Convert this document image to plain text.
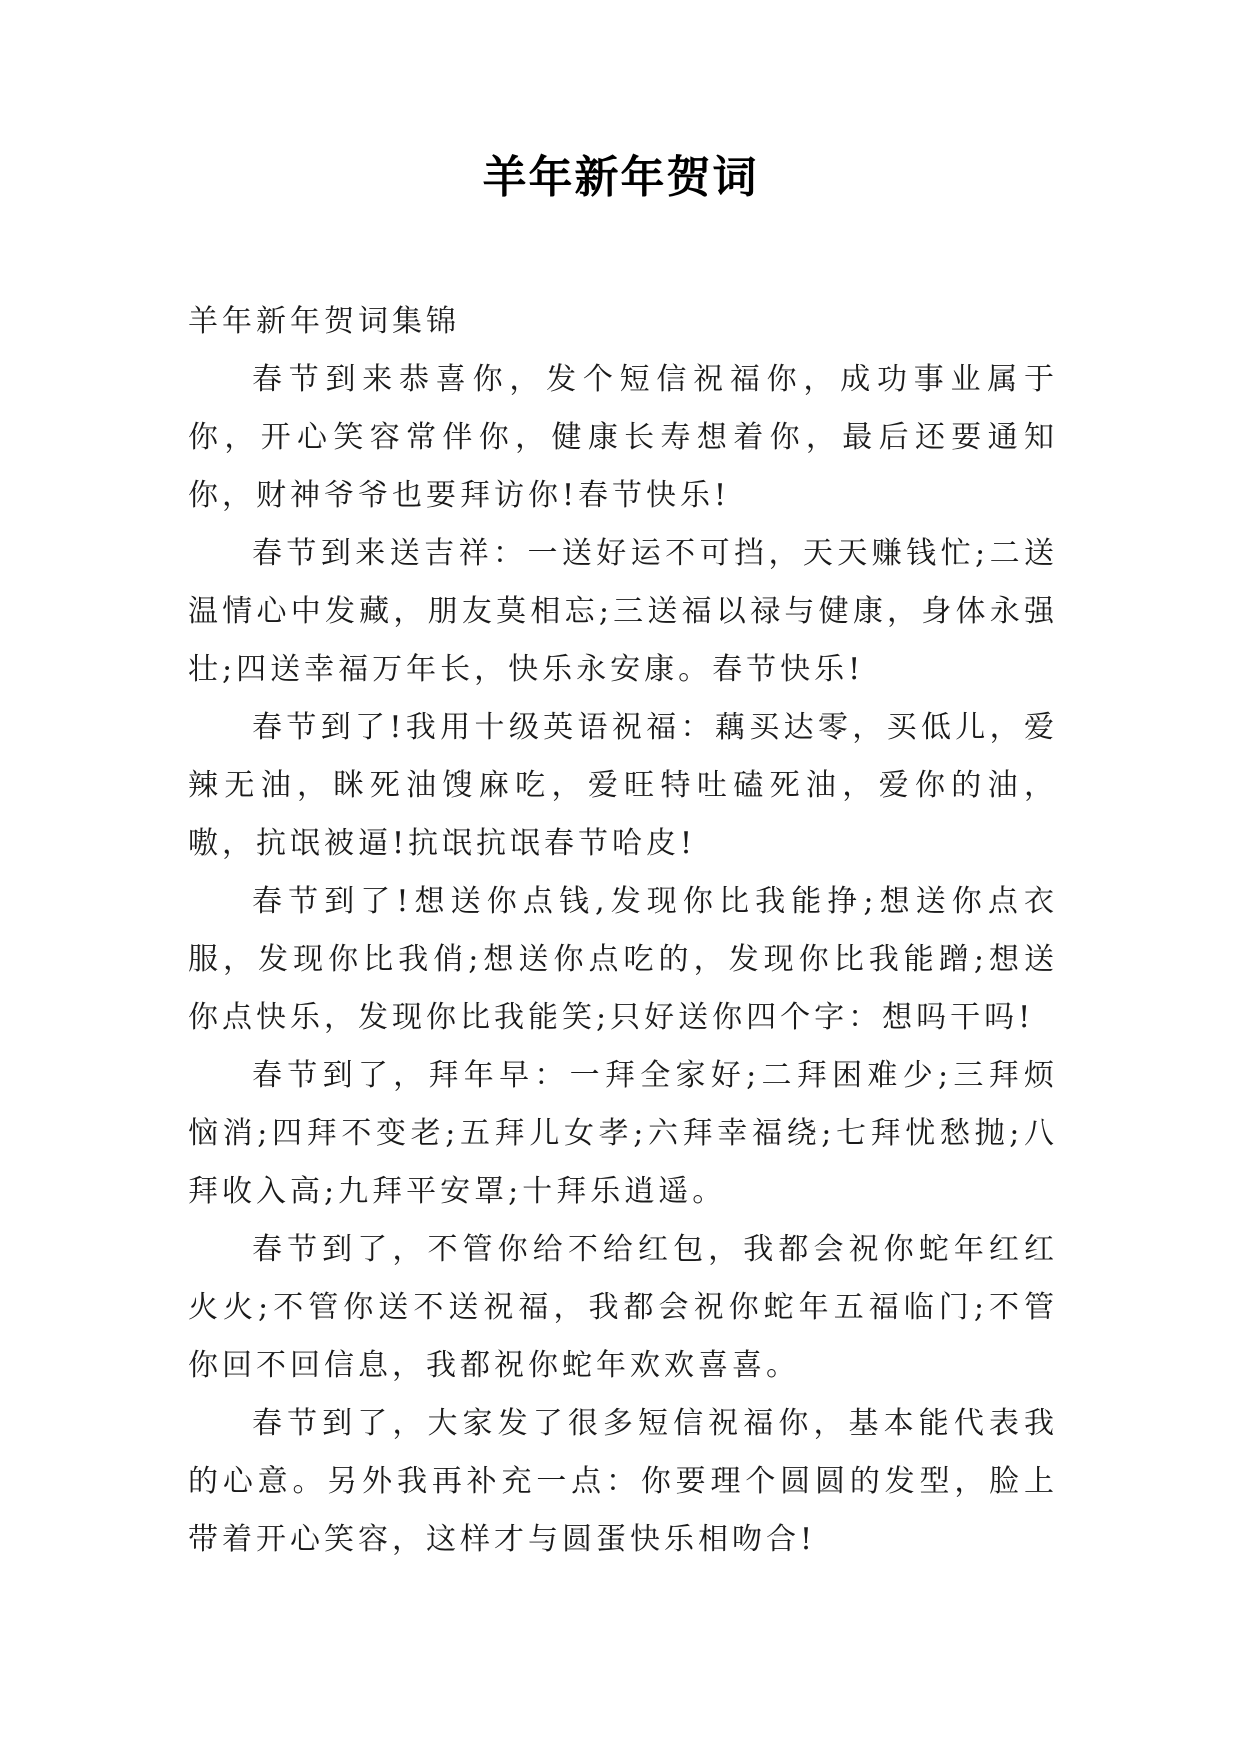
羊年新年贺词

羊年新年贺词集锦

春节到来恭喜你，发个短信祝福你，成功事业属于你，开心笑容常伴你，健康长寿想着你，最后还要通知你，财神爷爷也要拜访你!春节快乐!

春节到来送吉祥：一送好运不可挡，天天赚钱忙;二送温情心中发藏，朋友莫相忘;三送福以禄与健康，身体永强壮;四送幸福万年长，快乐永安康。春节快乐!

春节到了!我用十级英语祝福：藕买达零，买低儿，爱辣无油，眯死油馊麻吃，爱旺特吐磕死油，爱你的油，嗷，抗氓被逼!抗氓抗氓春节哈皮!

春节到了!想送你点钱,发现你比我能挣;想送你点衣服，发现你比我俏;想送你点吃的，发现你比我能蹭;想送你点快乐，发现你比我能笑;只好送你四个字：想吗干吗!

春节到了，拜年早：一拜全家好;二拜困难少;三拜烦恼消;四拜不变老;五拜儿女孝;六拜幸福绕;七拜忧愁抛;八拜收入高;九拜平安罩;十拜乐逍遥。

春节到了，不管你给不给红包，我都会祝你蛇年红红火火;不管你送不送祝福，我都会祝你蛇年五福临门;不管你回不回信息，我都祝你蛇年欢欢喜喜。

春节到了，大家发了很多短信祝福你，基本能代表我的心意。另外我再补充一点：你要理个圆圆的发型，脸上带着开心笑容，这样才与圆蛋快乐相吻合!
